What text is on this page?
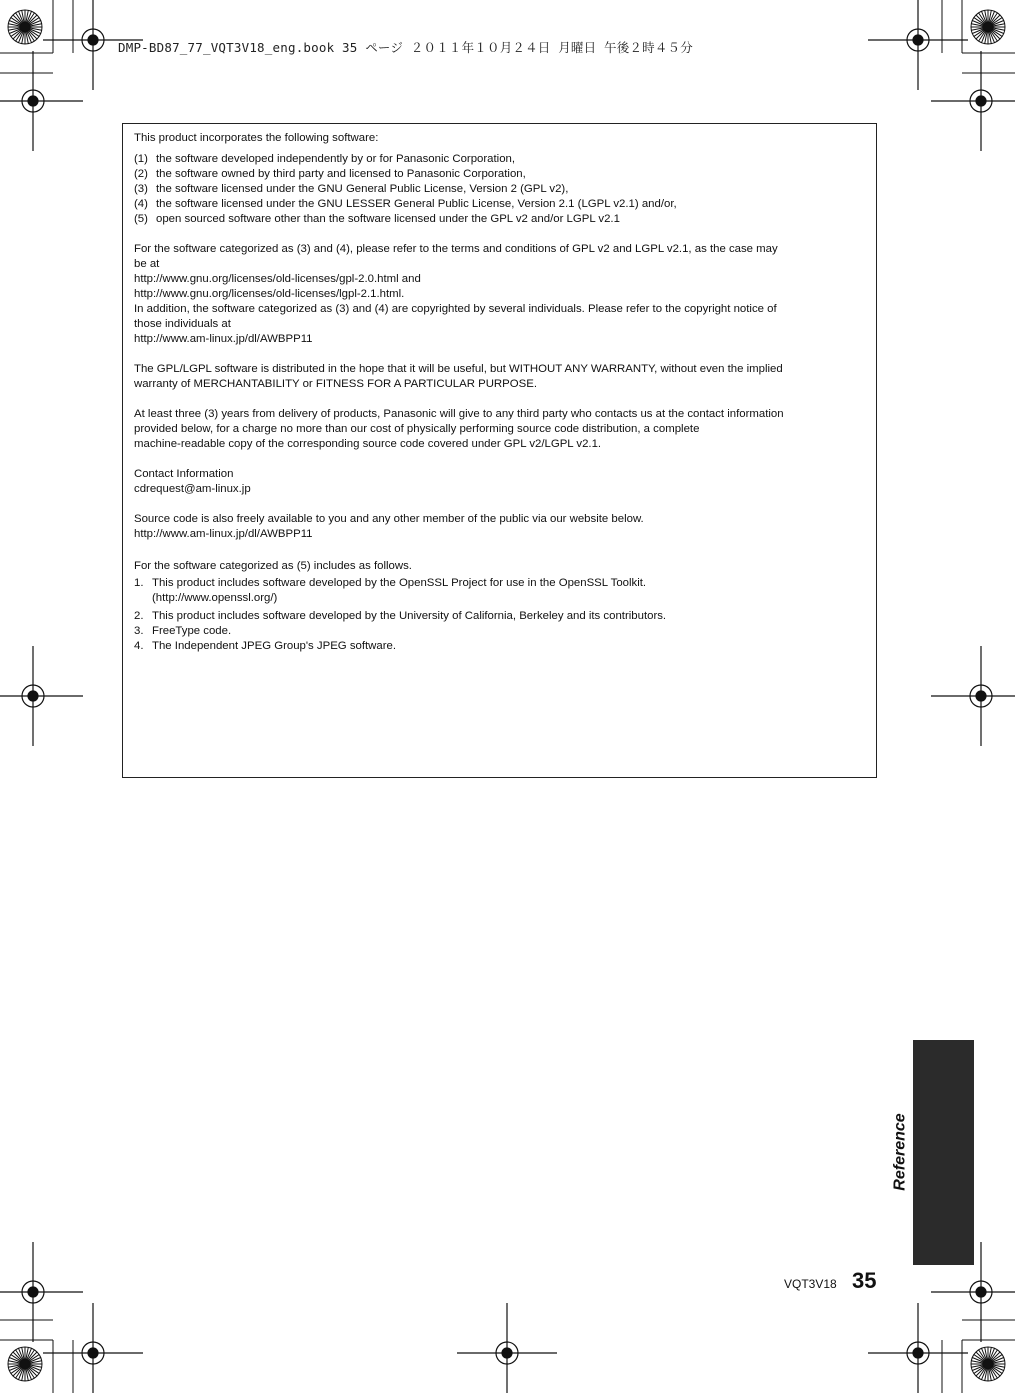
DMP-BD87_77_VQT3V18_eng.book 35 ページ ２０１１年１０月２４日 月曜日 午後２時４５分

This product incorporates the following software:

(1) the software developed independently by or for Panasonic Corporation,
(2) the software owned by third party and licensed to Panasonic Corporation,
(3) the software licensed under the GNU General Public License, Version 2 (GPL v2),
(4) the software licensed under the GNU LESSER General Public License, Version 2.1 (LGPL v2.1) and/or,
(5) open sourced software other than the software licensed under the GPL v2 and/or LGPL v2.1

For the software categorized as (3) and (4), please refer to the terms and conditions of GPL v2 and LGPL v2.1, as the case may

be at

http://www.gnu.org/licenses/old-licenses/gpl-2.0.html and

http://www.gnu.org/licenses/old-licenses/lgpl-2.1.html.

In addition, the software categorized as (3) and (4) are copyrighted by several individuals. Please refer to the copyright notice of

those individuals at

http://www.am-linux.jp/dl/AWBPP11

The GPL/LGPL software is distributed in the hope that it will be useful, but WITHOUT ANY WARRANTY, without even the implied

warranty of MERCHANTABILITY or FITNESS FOR A PARTICULAR PURPOSE.

At least three (3) years from delivery of products, Panasonic will give to any third party who contacts us at the contact information

provided below, for a charge no more than our cost of physically performing source code distribution, a complete

machine-readable copy of the corresponding source code covered under GPL v2/LGPL v2.1.

Contact Information

cdrequest@am-linux.jp

Source code is also freely available to you and any other member of the public via our website below.

http://www.am-linux.jp/dl/AWBPP11

For the software categorized as (5) includes as follows.

1. This product includes software developed by the OpenSSL Project for use in the OpenSSL Toolkit.
(http://www.openssl.org/)
2. This product includes software developed by the University of California, Berkeley and its contributors.
3. FreeType code.
4. The Independent JPEG Group's JPEG software.
Reference
VQT3V18 35
